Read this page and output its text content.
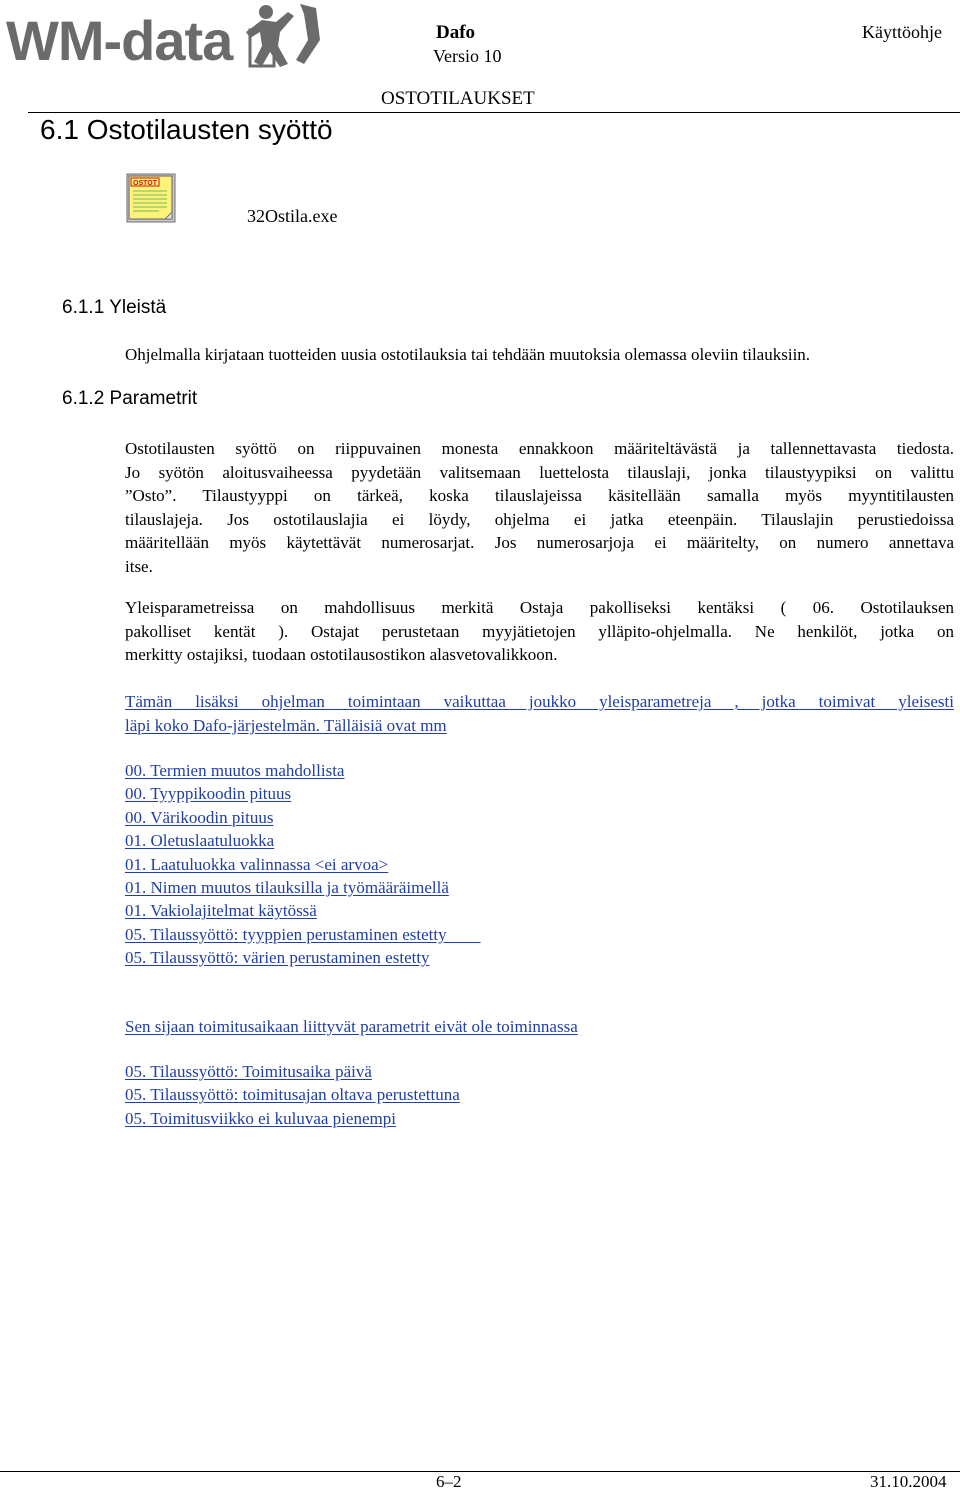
WM-data	Dafo
Versio 10
Käyttöohje
OSTOTILAUKSET
6.1 Ostotilausten syöttö
OSTOT
32Ostila.exe
6.1.1 Yleistä

Ohjelmalla kirjataan tuotteiden uusia ostotilauksia tai tehdään muutoksia olemassa oleviin tilauksiin.

6.1.2 Parametrit

Ostotilausten syöttö on riippuvainen monesta ennakkoon määriteltävästä ja tallennettavasta tiedosta.
Jo syötön aloitusvaiheessa pyydetään valitsemaan luettelosta tilauslaji, jonka tilaustyypiksi on valittu
”Osto”. Tilaustyyppi on tärkeä, koska tilauslajeissa käsitellään samalla myös myyntitilausten
tilauslajeja. Jos ostotilauslajia ei löydy, ohjelma ei jatka eteenpäin. Tilauslajin perustiedoissa
määritellään myös käytettävät numerosarjat. Jos numerosarjoja ei määritelty, on numero annettava
itse.

Yleisparametreissa on mahdollisuus merkitä Ostaja pakolliseksi kentäksi ( 06. Ostotilauksen
pakolliset kentät ). Ostajat perustetaan myyjätietojen ylläpito-ohjelmalla. Ne henkilöt, jotka on
merkitty ostajiksi, tuodaan ostotilausostikon alasvetovalikkoon.

Tämän lisäksi ohjelman toimintaan vaikuttaa joukko yleisparametreja , jotka toimivat yleisesti
läpi koko Dafo-järjestelmän. Tälläisiä ovat mm

00. Termien muutos mahdollista
00. Tyyppikoodin pituus
00. Värikoodin pituus
01. Oletuslaatuluokka
01. Laatuluokka valinnassa <ei arvoa>
01. Nimen muutos tilauksilla ja työmääräimellä
01. Vakiolajitelmat käytössä
05. Tilaussyöttö: tyyppien perustaminen estetty
05. Tilaussyöttö: värien perustaminen estetty

Sen sijaan toimitusaikaan liittyvät parametrit eivät ole toiminnassa

05. Tilaussyöttö: Toimitusaika päivä
05. Tilaussyöttö: toimitusajan oltava perustettuna
05. Toimitusviikko ei kuluvaa pienempi
6–2	31.10.2004
